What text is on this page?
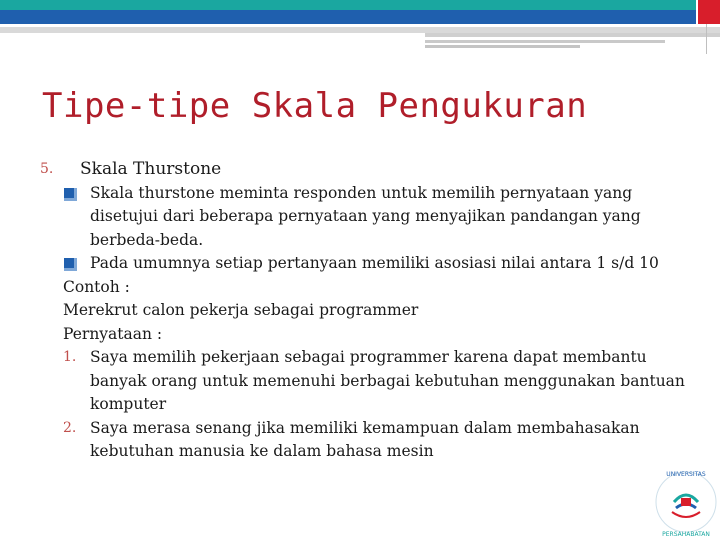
Tipe-tipe Skala Pengukuran
5. Skala Thurstone
Skala thurstone meminta responden untuk memilih pernyataan yang disetujui dari beberapa pernyataan yang menyajikan pandangan yang berbeda-beda.
Pada umumnya setiap pertanyaan memiliki asosiasi nilai antara 1 s/d 10
Contoh :
Merekrut calon pekerja sebagai programmer
Pernyataan :
1. Saya memilih pekerjaan sebagai programmer karena dapat membantu banyak orang untuk memenuhi berbagai kebutuhan menggunakan bantuan komputer
2. Saya merasa senang jika memiliki kemampuan dalam membahasakan kebutuhan manusia ke dalam bahasa mesin
UNIVERSITAS
PERSAHABATAN
